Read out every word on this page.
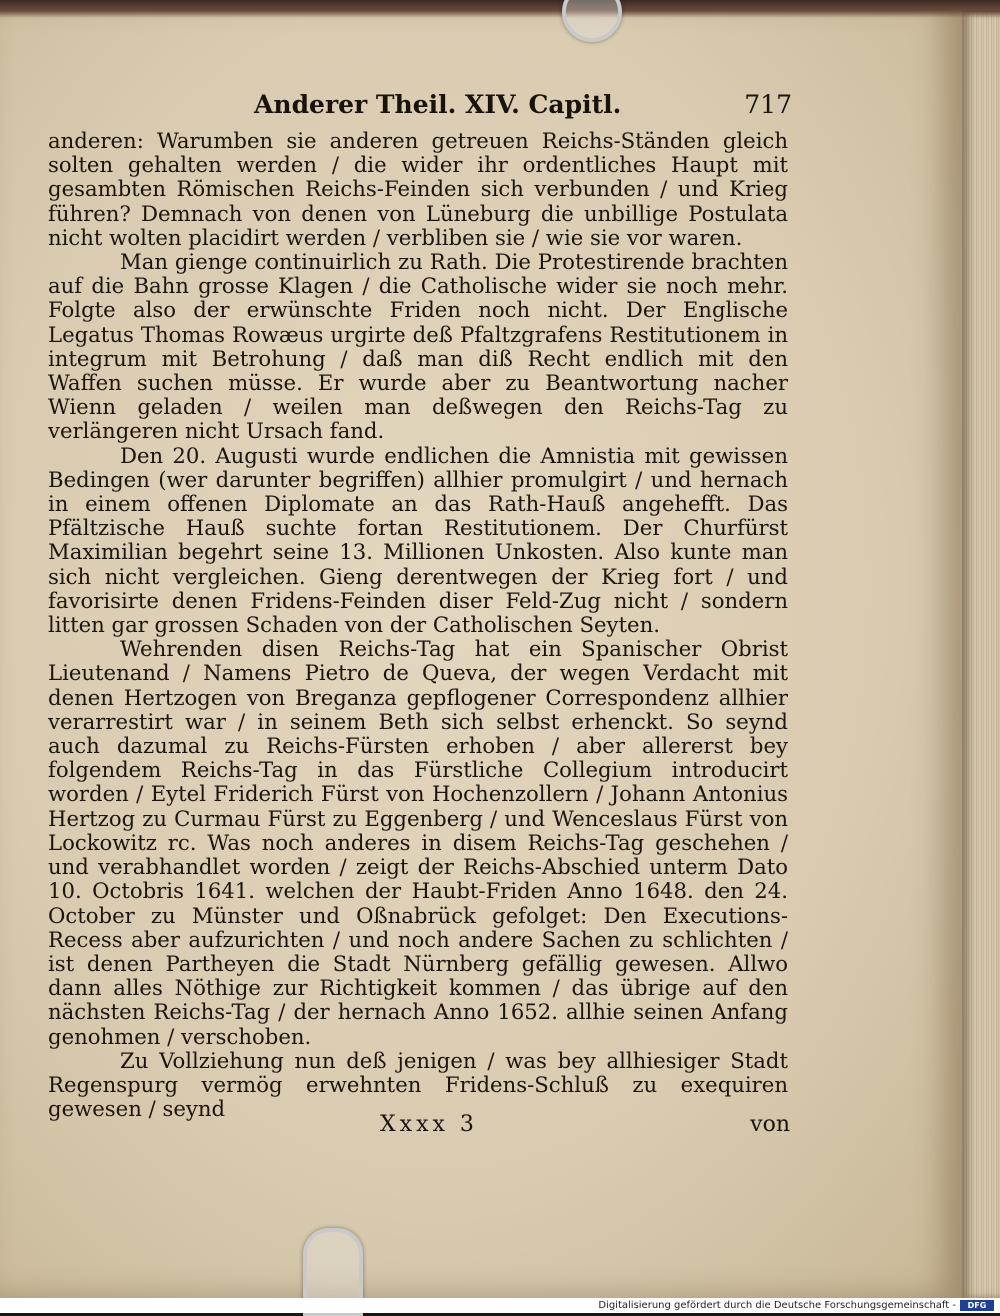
Anderer Theil. XIV. Capitl.	717

anderen: Warumben sie anderen getreuen Reichs-Ständen gleich solten gehalten werden / die wider ihr ordentliches Haupt mit gesambten Römischen Reichs-Feinden sich verbunden / und Krieg führen? Demnach von denen von Lüneburg die unbillige Postulata nicht wolten placidirt werden / verbliben sie / wie sie vor waren.

Man gienge continuirlich zu Rath. Die Protestirende brachten auf die Bahn grosse Klagen / die Catholische wider sie noch mehr. Folgte also der erwünschte Friden noch nicht. Der Englische Legatus Thomas Rowæus urgirte deß Pfaltzgrafens Restitutionem in integrum mit Betrohung / daß man diß Recht endlich mit den Waffen suchen müsse. Er wurde aber zu Beantwortung nacher Wienn geladen / weilen man deßwegen den Reichs-Tag zu verlängeren nicht Ursach fand.

Den 20. Augusti wurde endlichen die Amnistia mit gewissen Bedingen (wer darunter begriffen) allhier promulgirt / und hernach in einem offenen Diplomate an das Rath-Hauß angehefft. Das Pfältzische Hauß suchte fortan Restitutionem. Der Churfürst Maximilian begehrt seine 13. Millionen Unkosten. Also kunte man sich nicht vergleichen. Gieng derentwegen der Krieg fort / und favorisirte denen Fridens-Feinden diser Feld-Zug nicht / sondern litten gar grossen Schaden von der Catholischen Seyten.

Wehrenden disen Reichs-Tag hat ein Spanischer Obrist Lieutenand / Namens Pietro de Queva, der wegen Verdacht mit denen Hertzogen von Breganza gepflogener Correspondenz allhier verarrestirt war / in seinem Beth sich selbst erhenckt. So seynd auch dazumal zu Reichs-Fürsten erhoben / aber allererst bey folgendem Reichs-Tag in das Fürstliche Collegium introducirt worden / Eytel Friderich Fürst von Hochenzollern / Johann Antonius Hertzog zu Curmau Fürst zu Eggenberg / und Wenceslaus Fürst von Lockowitz rc. Was noch anderes in disem Reichs-Tag geschehen / und verabhandlet worden / zeigt der Reichs-Abschied unterm Dato 10. Octobris 1641. welchen der Haubt-Friden Anno 1648. den 24. October zu Münster und Oßnabrück gefolget: Den Executions-Recess aber aufzurichten / und noch andere Sachen zu schlichten / ist denen Partheyen die Stadt Nürnberg gefällig gewesen. Allwo dann alles Nöthige zur Richtigkeit kommen / das übrige auf den nächsten Reichs-Tag / der hernach Anno 1652. allhie seinen Anfang genohmen / verschoben.

Zu Vollziehung nun deß jenigen / was bey allhiesiger Stadt Regenspurg vermög erwehnten Fridens-Schluß zu exequiren gewesen / seynd

Xxxx 3	von
Digitalisierung gefördert durch die Deutsche Forschungsgemeinschaft -	DFG
